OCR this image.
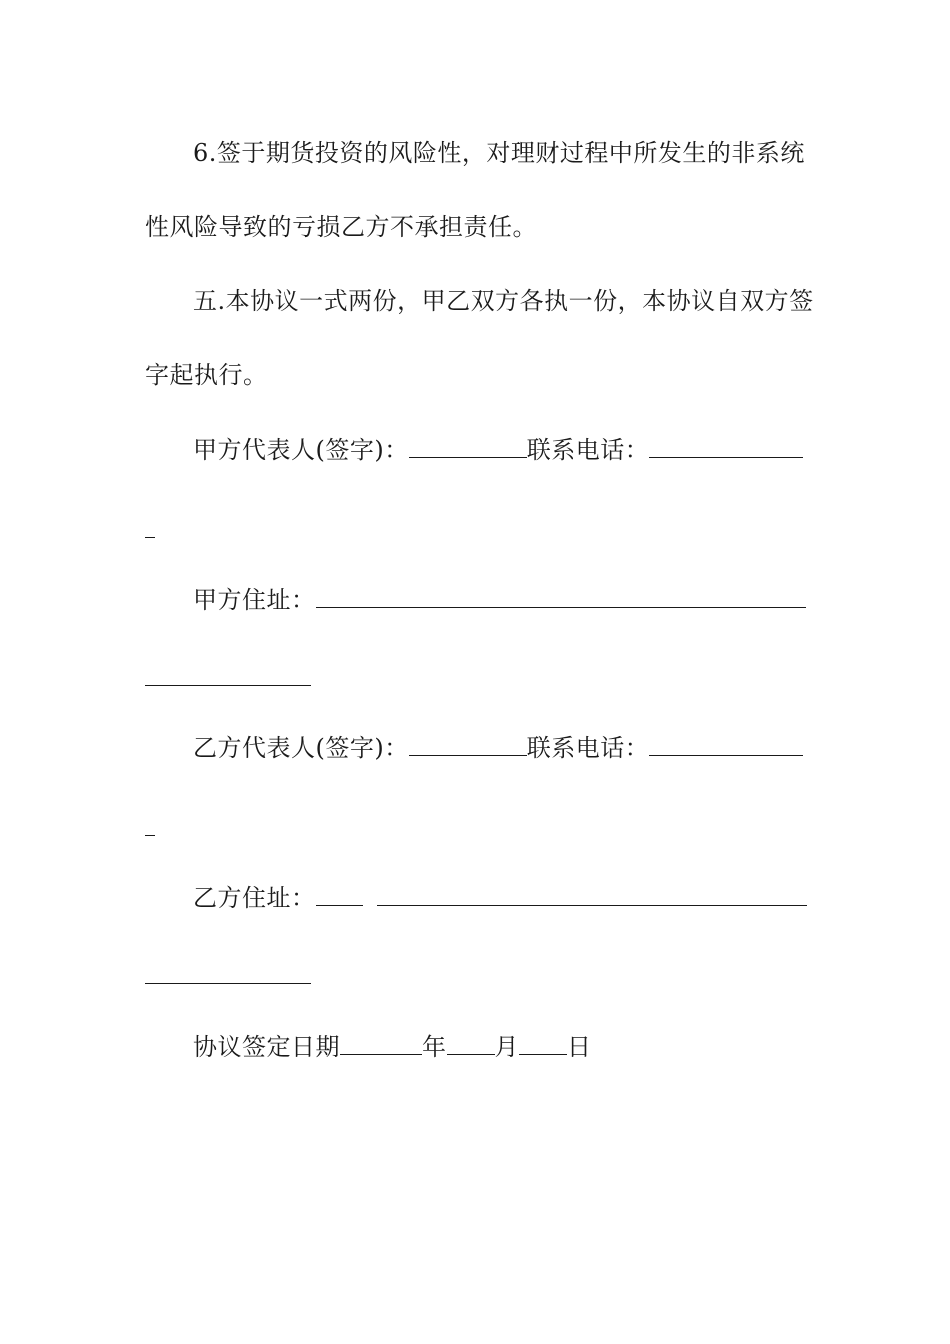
6.签于期货投资的风险性，对理财过程中所发生的非系统
性风险导致的亏损乙方不承担责任。
五.本协议一式两份，甲乙双方各执一份，本协议自双方签
字起执行。
甲方代表人(签字)：	联系电话：
甲方住址：
乙方代表人(签字)：	联系电话：
乙方住址：
协议签定日期	年 月 日
